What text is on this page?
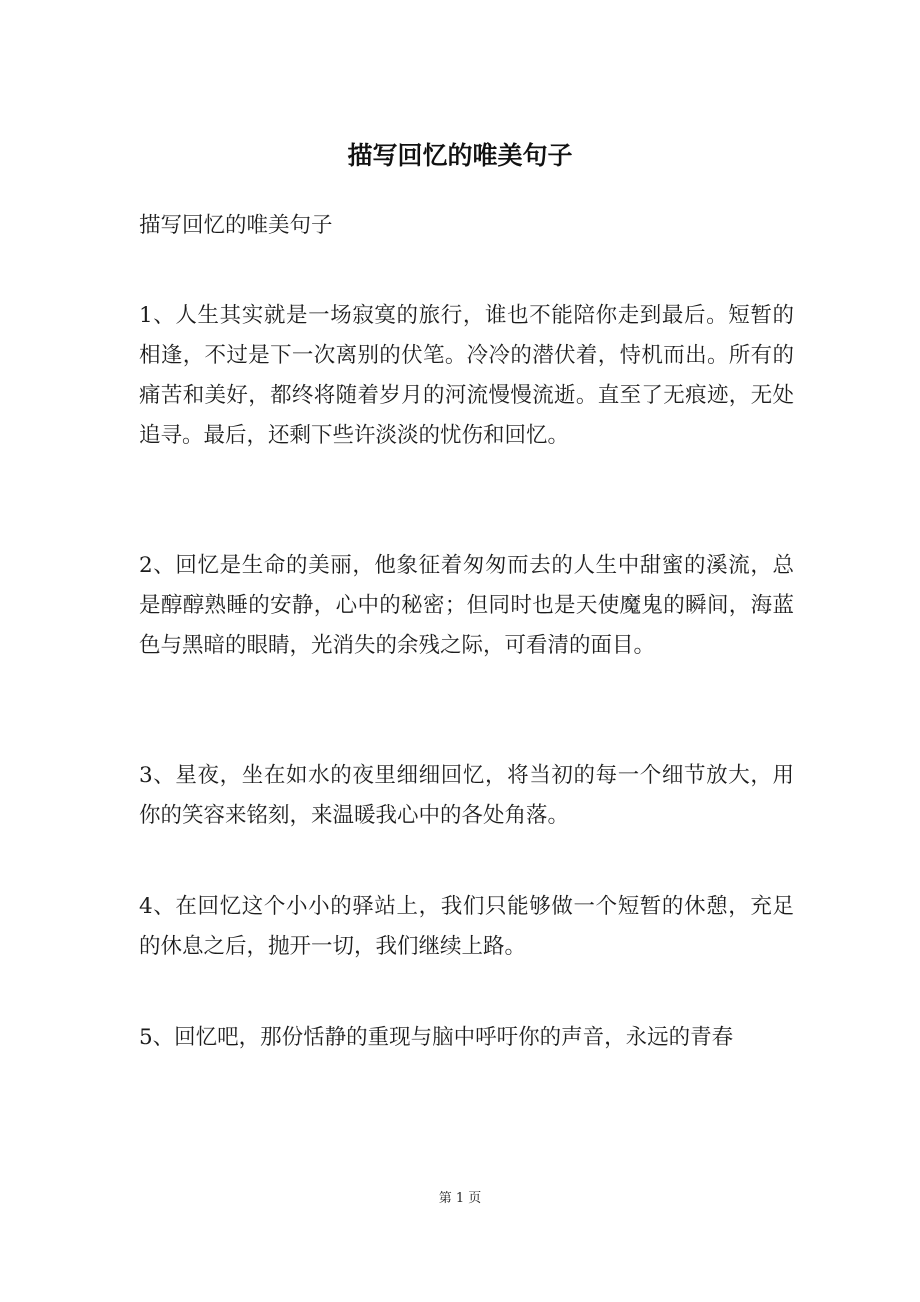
描写回忆的唯美句子

描写回忆的唯美句子

1、人生其实就是一场寂寞的旅行，谁也不能陪你走到最后。短暂的相逢，不过是下一次离别的伏笔。冷冷的潜伏着，恃机而出。所有的痛苦和美好，都终将随着岁月的河流慢慢流逝。直至了无痕迹，无处追寻。最后，还剩下些许淡淡的忧伤和回忆。

2、回忆是生命的美丽，他象征着匆匆而去的人生中甜蜜的溪流，总是醇醇熟睡的安静，心中的秘密；但同时也是天使魔鬼的瞬间，海蓝色与黑暗的眼睛，光消失的余残之际，可看清的面目。

3、星夜，坐在如水的夜里细细回忆，将当初的每一个细节放大，用你的笑容来铭刻，来温暖我心中的各处角落。

4、在回忆这个小小的驿站上，我们只能够做一个短暂的休憩，充足的休息之后，抛开一切，我们继续上路。

5、回忆吧，那份恬静的重现与脑中呼吁你的声音，永远的青春

第 1 页
